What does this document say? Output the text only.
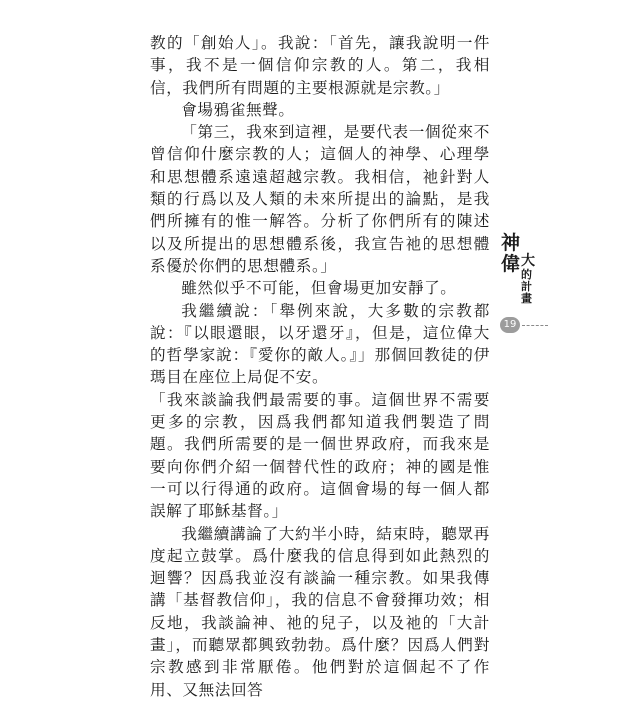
教的「創始人」。我說：「首先，讓我說明一件事，我不是一個信仰宗教的人。第二，我相信，我們所有問題的主要根源就是宗教。」

會場鴉雀無聲。

「第三，我來到這裡，是要代表一個從來不曾信仰什麼宗教的人；這個人的神學、心理學和思想體系遠遠超越宗教。我相信，祂針對人類的行爲以及人類的未來所提出的論點，是我們所擁有的惟一解答。分析了你們所有的陳述以及所提出的思想體系後，我宣告祂的思想體系優於你們的思想體系。」

雖然似乎不可能，但會場更加安靜了。

我繼續說：「舉例來說，大多數的宗教都說：『以眼還眼，以牙還牙』，但是，這位偉大的哲學家說：『愛你的敵人。』」那個回教徒的伊瑪目在座位上局促不安。

「我來談論我們最需要的事。這個世界不需要更多的宗教，因爲我們都知道我們製造了問題。我們所需要的是一個世界政府，而我來是要向你們介紹一個替代性的政府；神的國是惟一可以行得通的政府。這個會場的每一個人都誤解了耶穌基督。」

我繼續講論了大約半小時，結束時，聽眾再度起立鼓掌。爲什麼我的信息得到如此熱烈的迴響？因爲我並沒有談論一種宗教。如果我傳講「基督教信仰」，我的信息不會發揮功效；相反地，我談論神、祂的兒子，以及祂的「大計畫」，而聽眾都興致勃勃。爲什麼？因爲人們對宗教感到非常厭倦。他們對於這個起不了作用、又無法回答

神
偉 大
的
計
畫
19
